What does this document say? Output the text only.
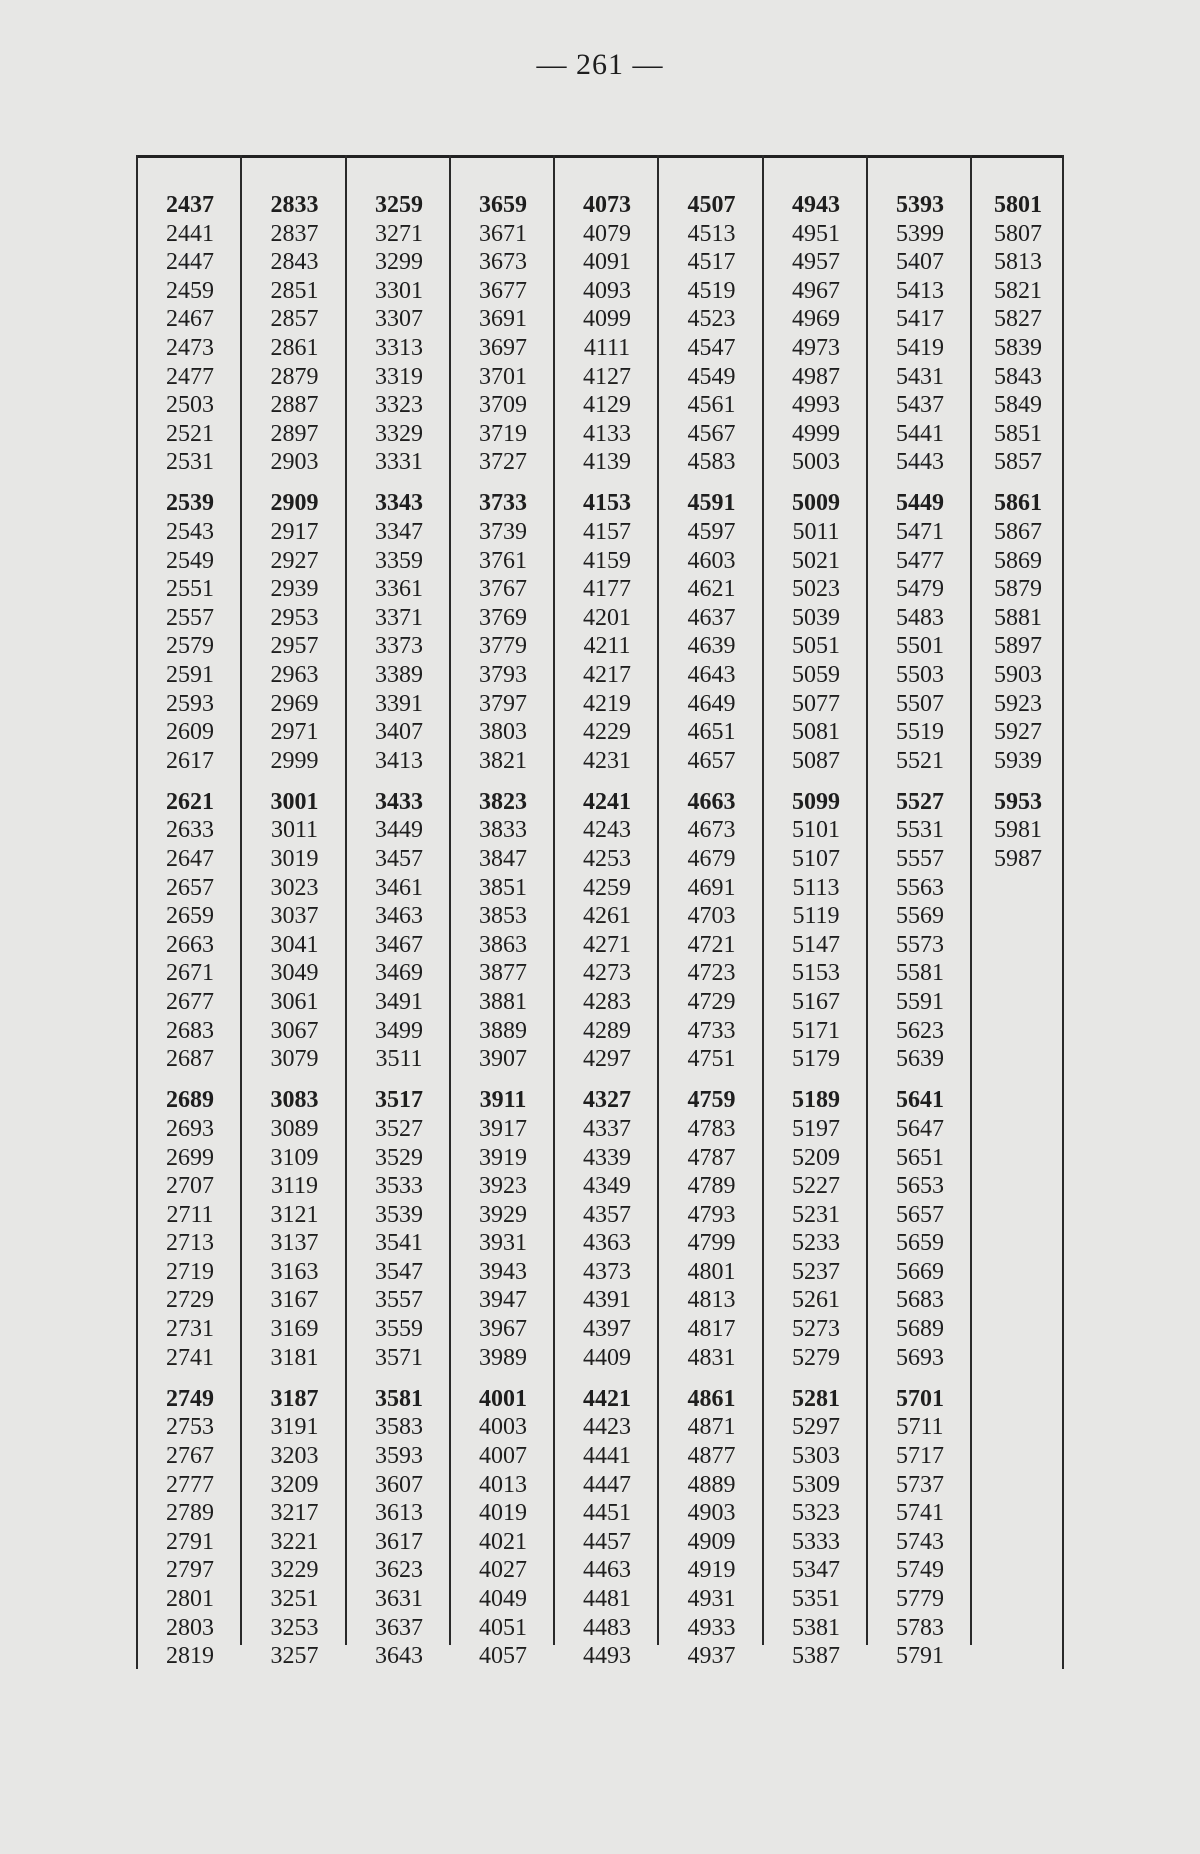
— 261 —
2437
2441
2447
2459
2467
2473
2477
2503
2521
2531
2539
2543
2549
2551
2557
2579
2591
2593
2609
2617
2621
2633
2647
2657
2659
2663
2671
2677
2683
2687
2689
2693
2699
2707
2711
2713
2719
2729
2731
2741
2749
2753
2767
2777
2789
2791
2797
2801
2803
2819
2833
2837
2843
2851
2857
2861
2879
2887
2897
2903
2909
2917
2927
2939
2953
2957
2963
2969
2971
2999
3001
3011
3019
3023
3037
3041
3049
3061
3067
3079
3083
3089
3109
3119
3121
3137
3163
3167
3169
3181
3187
3191
3203
3209
3217
3221
3229
3251
3253
3257
3259
3271
3299
3301
3307
3313
3319
3323
3329
3331
3343
3347
3359
3361
3371
3373
3389
3391
3407
3413
3433
3449
3457
3461
3463
3467
3469
3491
3499
3511
3517
3527
3529
3533
3539
3541
3547
3557
3559
3571
3581
3583
3593
3607
3613
3617
3623
3631
3637
3643
3659
3671
3673
3677
3691
3697
3701
3709
3719
3727
3733
3739
3761
3767
3769
3779
3793
3797
3803
3821
3823
3833
3847
3851
3853
3863
3877
3881
3889
3907
3911
3917
3919
3923
3929
3931
3943
3947
3967
3989
4001
4003
4007
4013
4019
4021
4027
4049
4051
4057
4073
4079
4091
4093
4099
4111
4127
4129
4133
4139
4153
4157
4159
4177
4201
4211
4217
4219
4229
4231
4241
4243
4253
4259
4261
4271
4273
4283
4289
4297
4327
4337
4339
4349
4357
4363
4373
4391
4397
4409
4421
4423
4441
4447
4451
4457
4463
4481
4483
4493
4507
4513
4517
4519
4523
4547
4549
4561
4567
4583
4591
4597
4603
4621
4637
4639
4643
4649
4651
4657
4663
4673
4679
4691
4703
4721
4723
4729
4733
4751
4759
4783
4787
4789
4793
4799
4801
4813
4817
4831
4861
4871
4877
4889
4903
4909
4919
4931
4933
4937
4943
4951
4957
4967
4969
4973
4987
4993
4999
5003
5009
5011
5021
5023
5039
5051
5059
5077
5081
5087
5099
5101
5107
5113
5119
5147
5153
5167
5171
5179
5189
5197
5209
5227
5231
5233
5237
5261
5273
5279
5281
5297
5303
5309
5323
5333
5347
5351
5381
5387
5393
5399
5407
5413
5417
5419
5431
5437
5441
5443
5449
5471
5477
5479
5483
5501
5503
5507
5519
5521
5527
5531
5557
5563
5569
5573
5581
5591
5623
5639
5641
5647
5651
5653
5657
5659
5669
5683
5689
5693
5701
5711
5717
5737
5741
5743
5749
5779
5783
5791
5801
5807
5813
5821
5827
5839
5843
5849
5851
5857
5861
5867
5869
5879
5881
5897
5903
5923
5927
5939
5953
5981
5987
